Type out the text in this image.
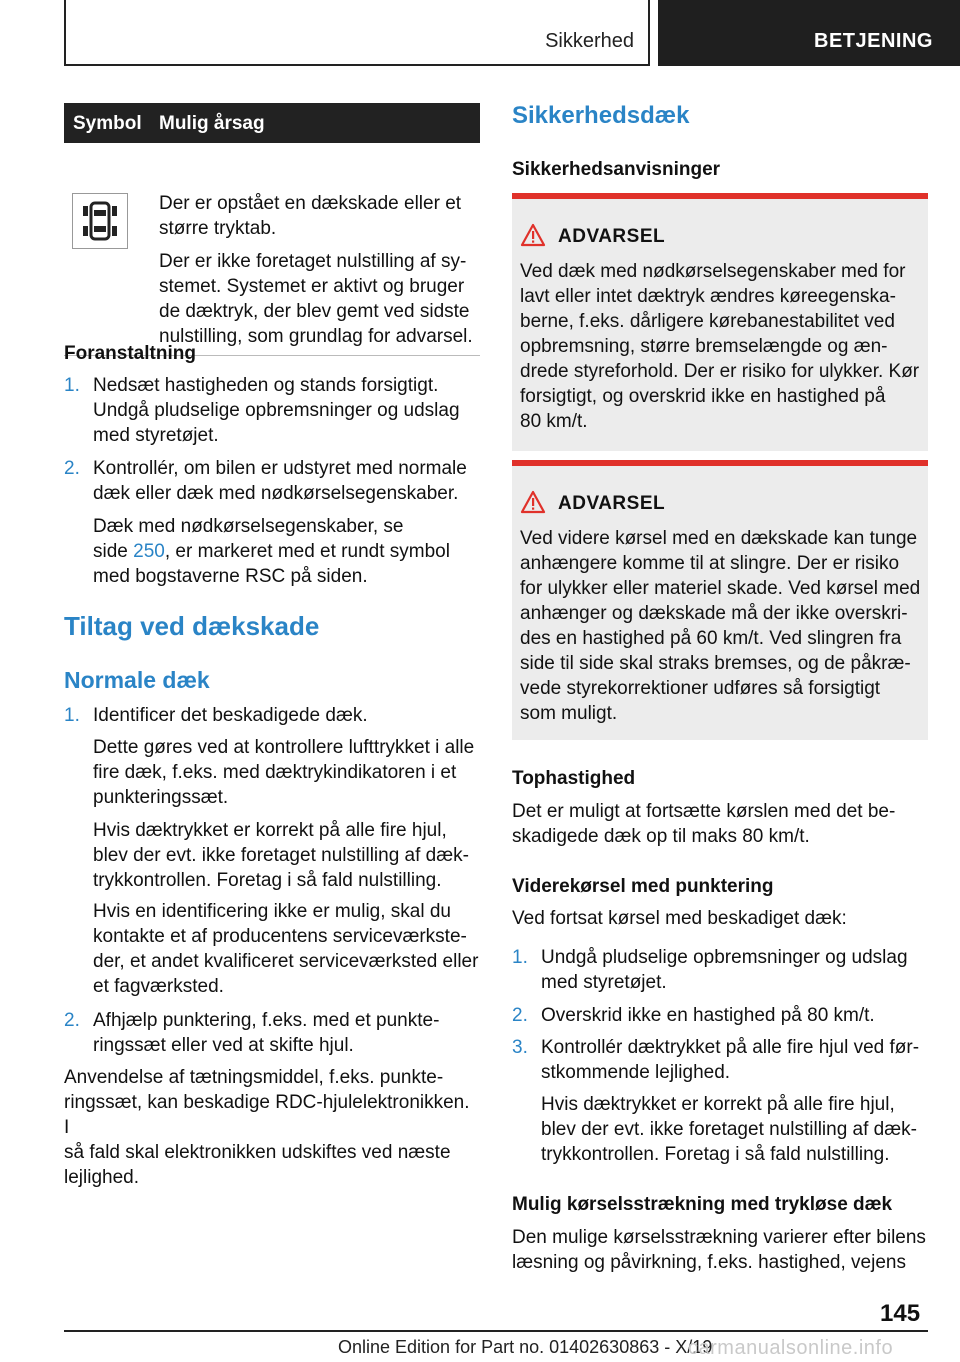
Sikkerhed	BETJENING
Symbol Mulig årsag
Der er opstået en dækskade eller et
større tryktab.
Der er ikke foretaget nulstilling af sy-
stemet. Systemet er aktivt og bruger
de dæktryk, der blev gemt ved sidste
nulstilling, som grundlag for advarsel.
Foranstaltning
1. Nedsæt hastigheden og stands forsigtigt.
Undgå pludselige opbremsninger og udslag
med styretøjet.
2. Kontrollér, om bilen er udstyret med normale
dæk eller dæk med nødkørselsegenskaber.
Dæk med nødkørselsegenskaber, se
side 250, er markeret med et rundt symbol
med bogstaverne RSC på siden.
Tiltag ved dækskade
Normale dæk
1. Identificer det beskadigede dæk.
Dette gøres ved at kontrollere lufttrykket i alle
fire dæk, f.eks. med dæktrykindikatoren i et
punkteringssæt.
Hvis dæktrykket er korrekt på alle fire hjul,
blev der evt. ikke foretaget nulstilling af dæk-
trykkontrollen. Foretag i så fald nulstilling.
Hvis en identificering ikke er mulig, skal du
kontakte et af producentens serviceværkste-
der, et andet kvalificeret serviceværksted eller
et fagværksted.
2. Afhjælp punktering, f.eks. med et punkte-
ringssæt eller ved at skifte hjul.
Anvendelse af tætningsmiddel, f.eks. punkte-
ringssæt, kan beskadige RDC-hjulelektronikken. I
så fald skal elektronikken udskiftes ved næste
lejlighed.
Sikkerhedsdæk
Sikkerhedsanvisninger
ADVARSEL
Ved dæk med nødkørselsegenskaber med for
lavt eller intet dæktryk ændres køreegenska-
berne, f.eks. dårligere kørebanestabilitet ved
opbremsning, større bremselængde og æn-
drede styreforhold. Der er risiko for ulykker. Kør
forsigtigt, og overskrid ikke en hastighed på
80 km/t.
ADVARSEL
Ved videre kørsel med en dækskade kan tunge
anhængere komme til at slingre. Der er risiko
for ulykker eller materiel skade. Ved kørsel med
anhænger og dækskade må der ikke overskri-
des en hastighed på 60 km/t. Ved slingren fra
side til side skal straks bremses, og de påkræ-
vede styrekorrektioner udføres så forsigtigt
som muligt.
Tophastighed
Det er muligt at fortsætte kørslen med det be-
skadigede dæk op til maks 80 km/t.
Viderekørsel med punktering
Ved fortsat kørsel med beskadiget dæk:
1. Undgå pludselige opbremsninger og udslag
med styretøjet.
2. Overskrid ikke en hastighed på 80 km/t.
3. Kontrollér dæktrykket på alle fire hjul ved før-
stkommende lejlighed.
Hvis dæktrykket er korrekt på alle fire hjul,
blev der evt. ikke foretaget nulstilling af dæk-
trykkontrollen. Foretag i så fald nulstilling.
Mulig kørselsstrækning med trykløse dæk
Den mulige kørselsstrækning varierer efter bilens
læsning og påvirkning, f.eks. hastighed, vejens
145
Online Edition for Part no. 01402630863 - X/19
carmanualsonline.info
